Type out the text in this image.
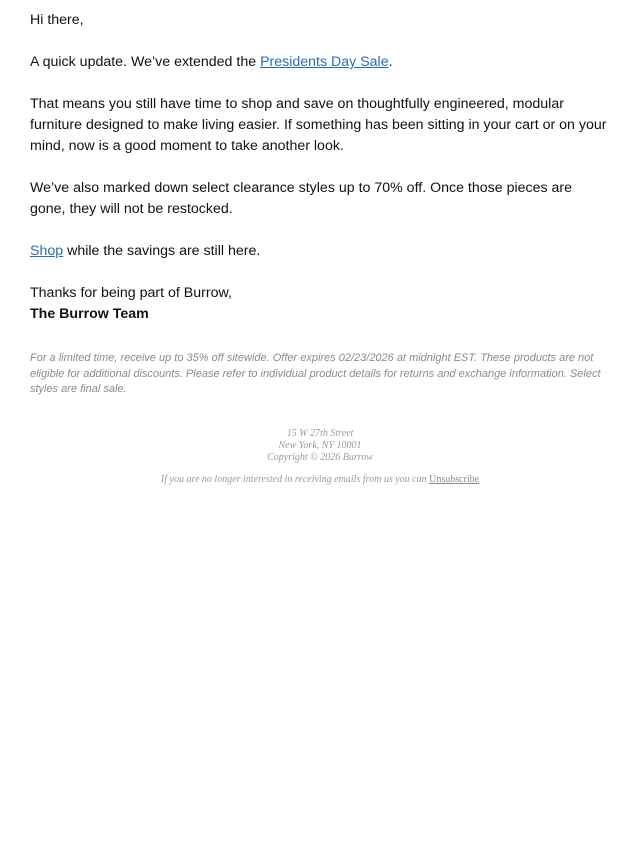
Hi there,

A quick update. We’ve extended the Presidents Day Sale.

That means you still have time to shop and save on thoughtfully engineered, modular furniture designed to make living easier. If something has been sitting in your cart or on your mind, now is a good moment to take another look.

We’ve also marked down select clearance styles up to 70% off. Once those pieces are gone, they will not be restocked.

Shop while the savings are still here.

Thanks for being part of Burrow,

The Burrow Team

For a limited time, receive up to 35% off sitewide. Offer expires 02/23/2026 at midnight EST. These products are not eligible for additional discounts. Please refer to individual product details for returns and exchange information. Select styles are final sale.
15 W 27th Street
New York, NY 10001
Copyright © 2026 Burrow
If you are no longer interested in receiving emails from us you can Unsubscribe
